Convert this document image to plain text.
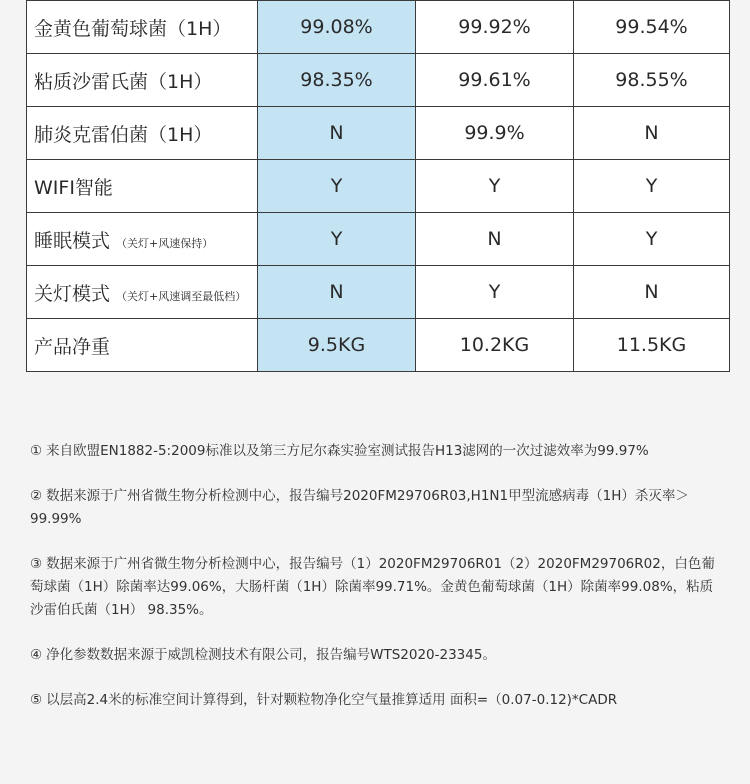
金黄色葡萄球菌（1H）	99.08%	99.92%	99.54%
粘质沙雷氏菌（1H）	98.35%	99.61%	98.55%
肺炎克雷伯菌（1H）	N	99.9%	N
WIFI智能	Y	Y	Y
睡眠模式 （关灯+风速保持）	Y	N	Y
关灯模式 （关灯+风速调至最低档）	N	Y	N
产品净重	9.5KG	10.2KG	11.5KG
① 来自欧盟EN1882-5:2009标准以及第三方尼尔森实验室测试报告H13滤网的一次过滤效率为99.97%
② 数据来源于广州省微生物分析检测中心，报告编号2020FM29706R03,H1N1甲型流感病毒（1H）杀灭率＞99.99%
③ 数据来源于广州省微生物分析检测中心，报告编号（1）2020FM29706R01（2）2020FM29706R02，白色葡萄球菌（1H）除菌率达99.06%，大肠杆菌（1H）除菌率99.71%。金黄色葡萄球菌（1H）除菌率99.08%，粘质沙雷伯氏菌（1H） 98.35%。
④ 净化参数数据来源于威凯检测技术有限公司，报告编号WTS2020-23345。
⑤ 以层高2.4米的标准空间计算得到，针对颗粒物净化空气量推算适用 面积=（0.07-0.12)*CADR
